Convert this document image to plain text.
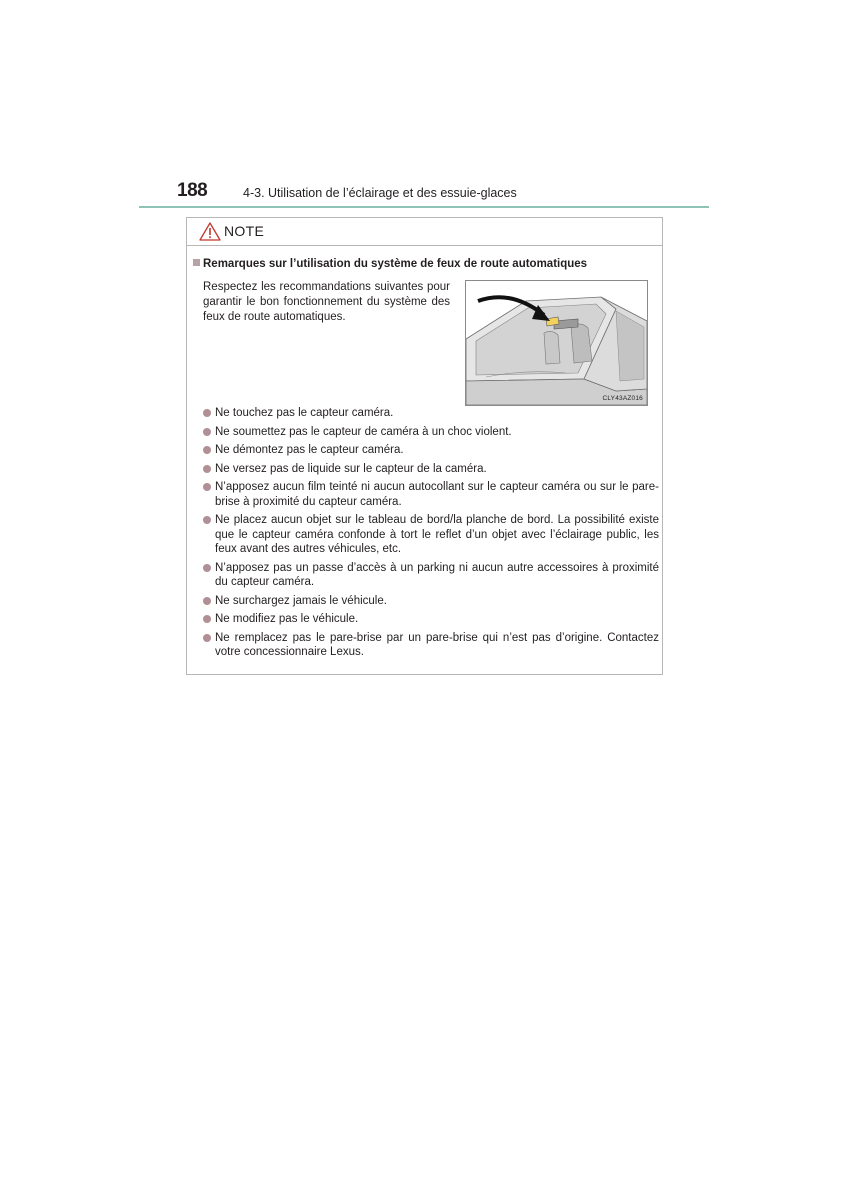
188	4-3. Utilisation de l’éclairage et des essuie-glaces
NOTE
Remarques sur l’utilisation du système de feux de route automatiques
Respectez les recommandations suivantes pour garantir le bon fonctionnement du système des feux de route automatiques.
CLY43AZ016
Ne touchez pas le capteur caméra.
Ne soumettez pas le capteur de caméra à un choc violent.
Ne démontez pas le capteur caméra.
Ne versez pas de liquide sur le capteur de la caméra.
N’apposez aucun film teinté ni aucun autocollant sur le capteur caméra ou sur le pare-brise à proximité du capteur caméra.
Ne placez aucun objet sur le tableau de bord/la planche de bord. La possibilité existe que le capteur caméra confonde à tort le reflet d’un objet avec l’éclairage public, les feux avant des autres véhicules, etc.
N’apposez pas un passe d’accès à un parking ni aucun autre accessoires à proximité du capteur caméra.
Ne surchargez jamais le véhicule.
Ne modifiez pas le véhicule.
Ne remplacez pas le pare-brise par un pare-brise qui n’est pas d’origine. Contactez votre concessionnaire Lexus.
